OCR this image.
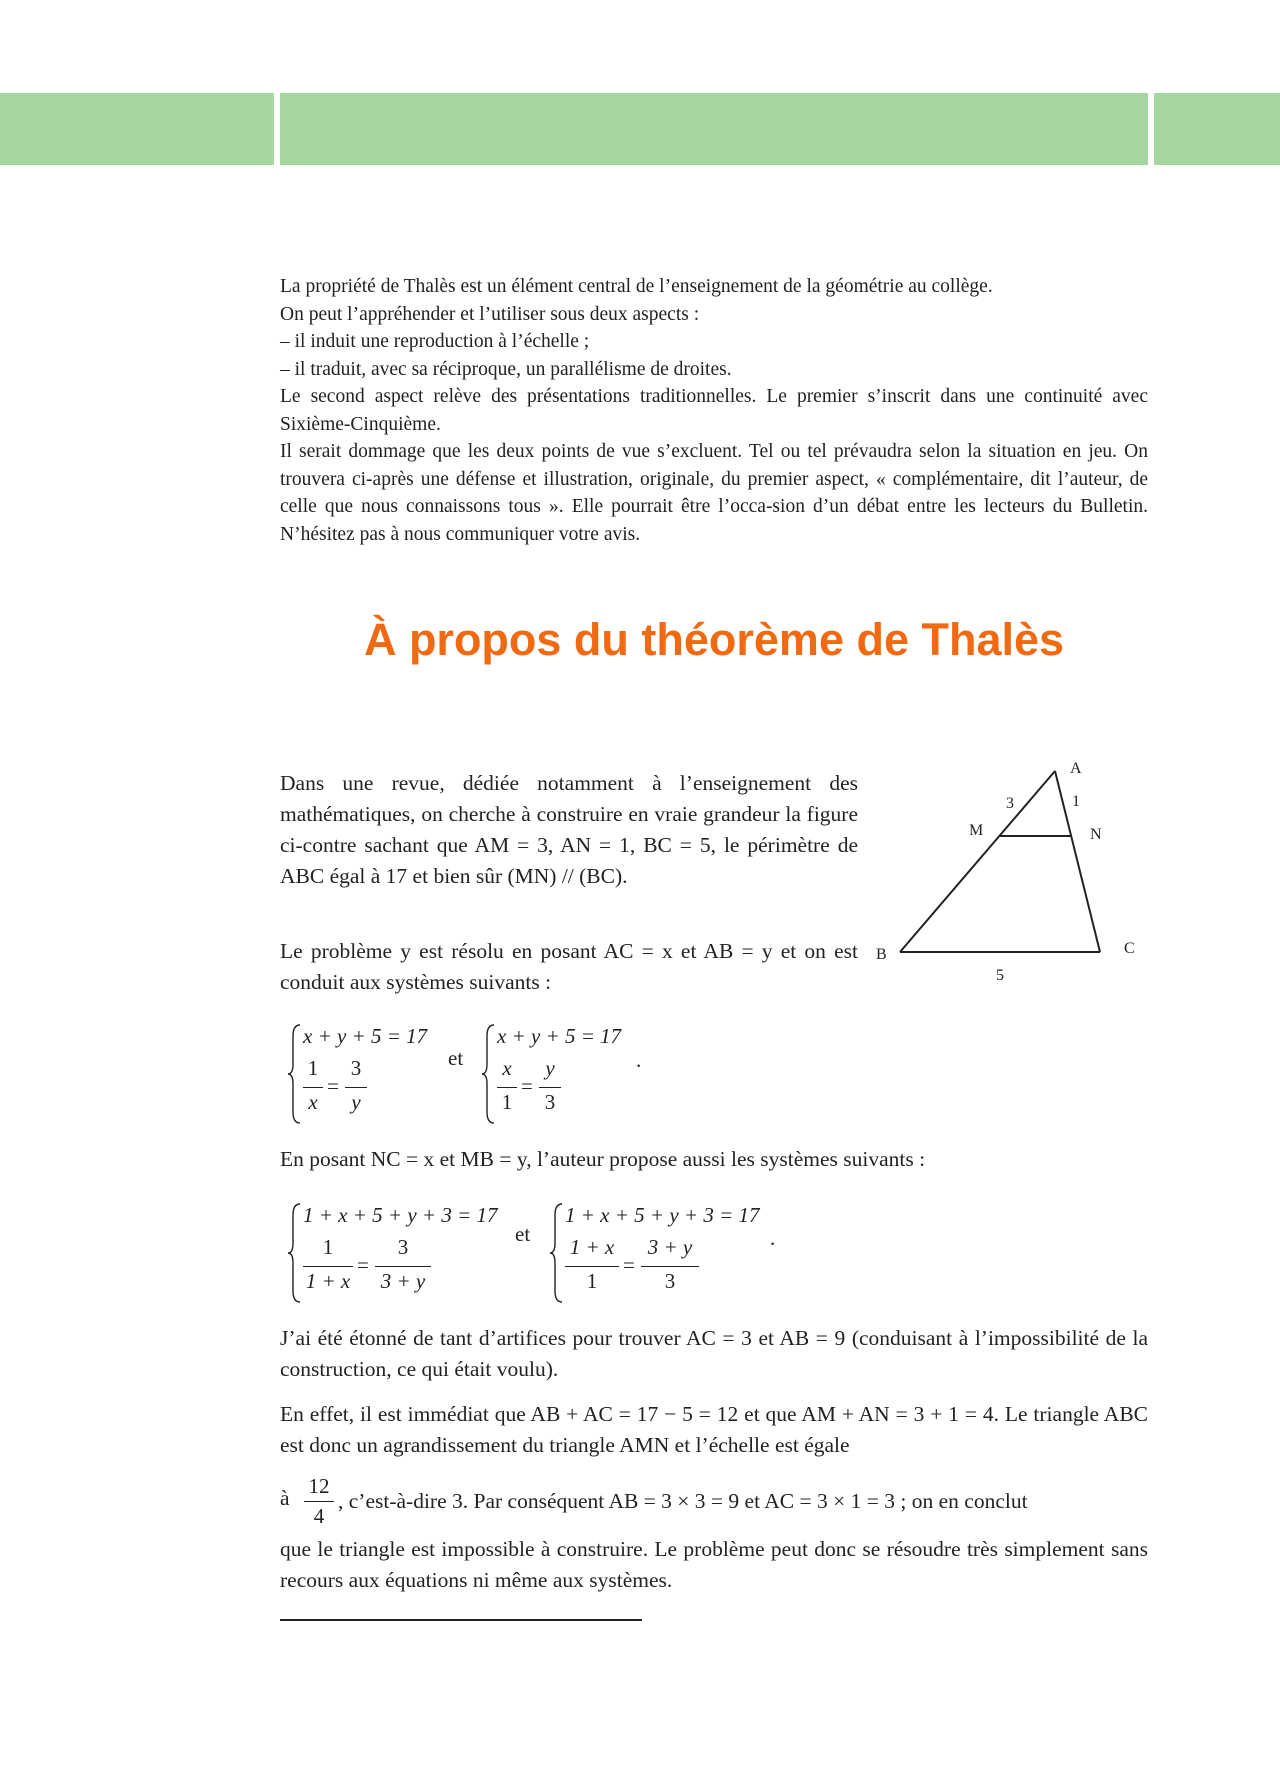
La propriété de Thalès est un élément central de l’enseignement de la géométrie au collège.

On peut l’appréhender et l’utiliser sous deux aspects :

– il induit une reproduction à l’échelle ;

– il traduit, avec sa réciproque, un parallélisme de droites.

Le second aspect relève des présentations traditionnelles. Le premier s’inscrit dans une continuité avec Sixième-Cinquième.

Il serait dommage que les deux points de vue s’excluent. Tel ou tel prévaudra selon la situation en jeu. On trouvera ci-après une défense et illustration, originale, du premier aspect, « complémentaire, dit l’auteur, de celle que nous connaissons tous ». Elle pourrait être l’occa-sion d’un débat entre les lecteurs du Bulletin. N’hésitez pas à nous communiquer votre avis.

À propos du théorème de Thalès

Dans une revue, dédiée notamment à l’enseignement des mathématiques, on cherche à construire en vraie grandeur la figure ci-contre sachant que AM = 3, AN = 1, BC = 5, le périmètre de ABC égal à 17 et bien sûr (MN) // (BC).

Le problème y est résolu en posant AC = x et AB = y et on est conduit aux systèmes suivants :

A
B	C
M	N
3	1
5
x + y + 5 = 17
1
x
=
3
y
et
x + y + 5 = 17
x
1
=
y
3
.

En posant NC = x et MB = y, l’auteur propose aussi les systèmes suivants :

1 + x + 5 + y + 3 = 17
1
1 + x
=
3
3 + y
et
1 + x + 5 + y + 3 = 17
1 + x
1
=
3 + y
3
.

J’ai été étonné de tant d’artifices pour trouver AC = 3 et AB = 9 (conduisant à l’impossibilité de la construction, ce qui était voulu).

En effet, il est immédiat que AB + AC = 17 − 5 = 12 et que AM + AN = 3 + 1 = 4. Le triangle ABC est donc un agrandissement du triangle AMN et l’échelle est égale

à 12
4
, c’est-à-dire 3. Par conséquent AB = 3 × 3 = 9 et AC = 3 × 1 = 3 ; on en conclut

que le triangle est impossible à construire. Le problème peut donc se résoudre très simplement sans recours aux équations ni même aux systèmes.
